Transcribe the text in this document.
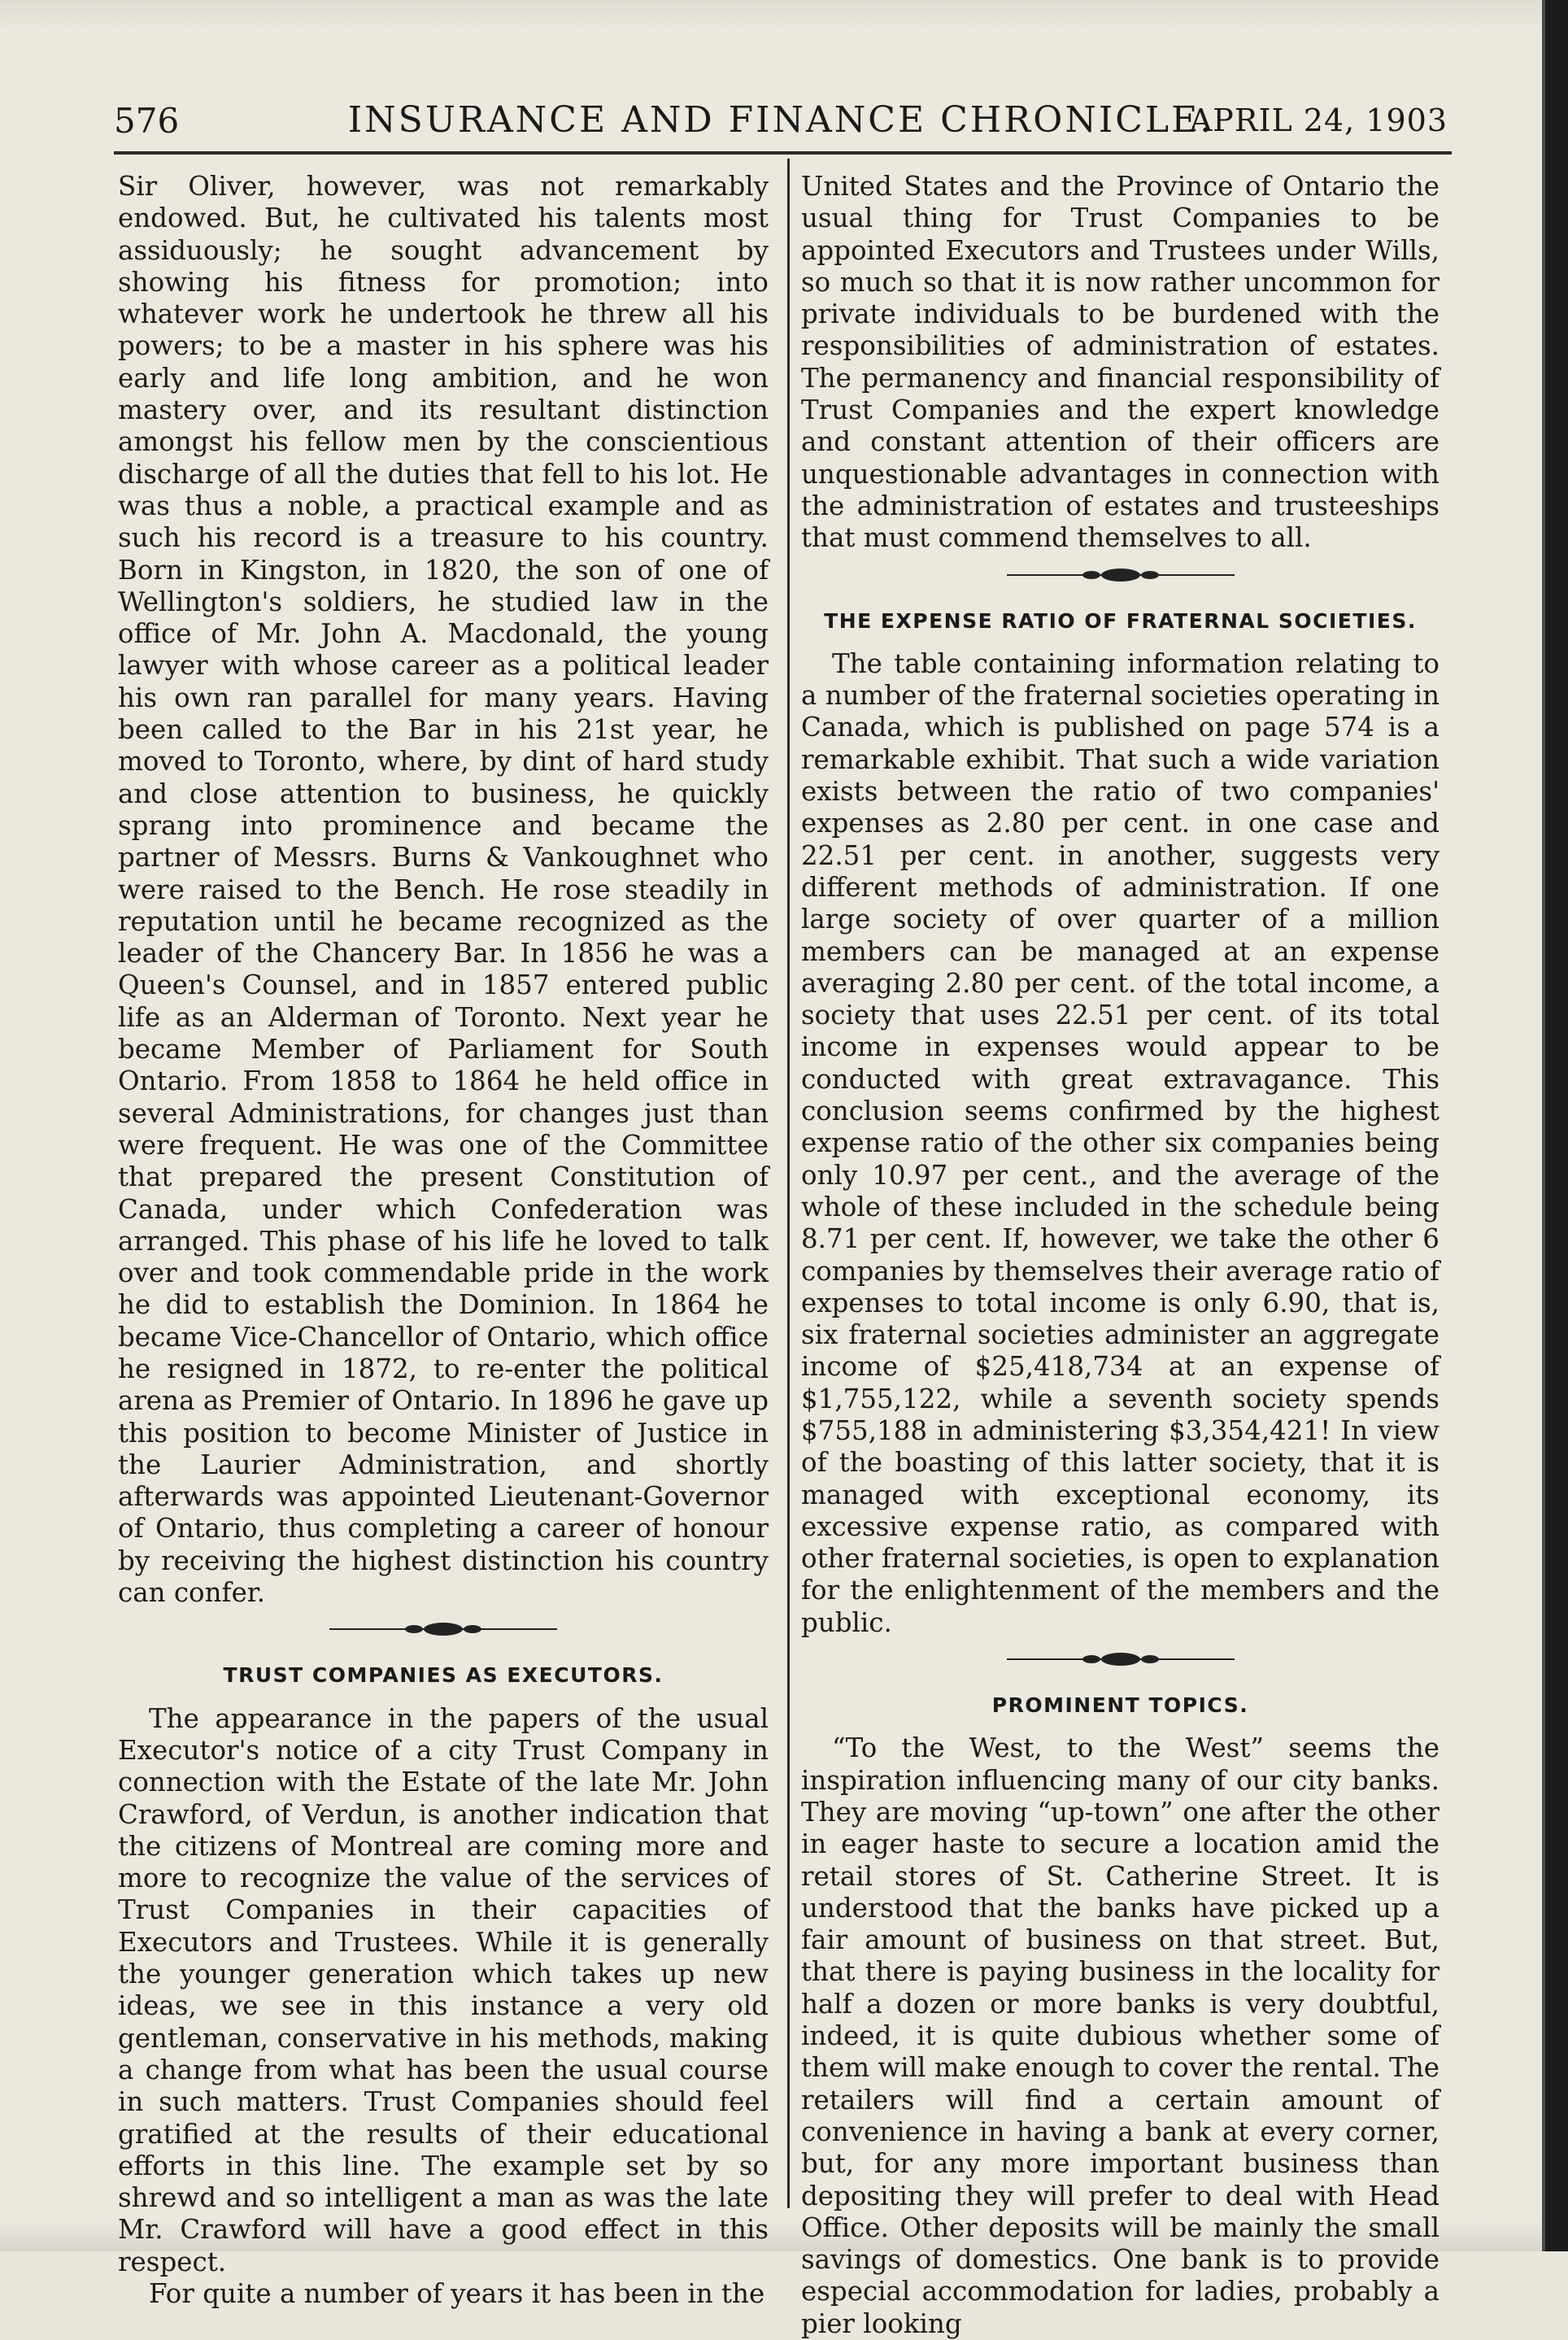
576	INSURANCE AND FINANCE CHRONICLE.
APRIL 24, 1903

Sir Oliver, however, was not remarkably endowed. But, he cultivated his talents most assiduously; he sought advancement by showing his fitness for promotion; into whatever work he undertook he threw all his powers; to be a master in his sphere was his early and life long ambition, and he won mastery over, and its resultant distinction amongst his fellow men by the conscientious discharge of all the duties that fell to his lot. He was thus a noble, a practical example and as such his record is a treasure to his country. Born in Kingston, in 1820, the son of one of Wellington's soldiers, he studied law in the office of Mr. John A. Macdonald, the young lawyer with whose career as a political leader his own ran parallel for many years. Having been called to the Bar in his 21st year, he moved to Toronto, where, by dint of hard study and close attention to business, he quickly sprang into prominence and became the partner of Messrs. Burns & Vankoughnet who were raised to the Bench. He rose steadily in reputation until he became recognized as the leader of the Chancery Bar. In 1856 he was a Queen's Counsel, and in 1857 entered public life as an Alderman of Toronto. Next year he became Member of Parliament for South Ontario. From 1858 to 1864 he held office in several Administrations, for changes just than were frequent. He was one of the Committee that prepared the present Constitution of Canada, under which Confederation was arranged. This phase of his life he loved to talk over and took commendable pride in the work he did to establish the Dominion. In 1864 he became Vice-Chancellor of Ontario, which office he resigned in 1872, to re-enter the political arena as Premier of Ontario. In 1896 he gave up this position to become Minister of Justice in the Laurier Administration, and shortly afterwards was appointed Lieutenant-Governor of Ontario, thus completing a career of honour by receiving the highest distinction his country can confer.

TRUST COMPANIES AS EXECUTORS.

The appearance in the papers of the usual Executor's notice of a city Trust Company in connection with the Estate of the late Mr. John Crawford, of Verdun, is another indication that the citizens of Montreal are coming more and more to recognize the value of the services of Trust Companies in their capacities of Executors and Trustees. While it is generally the younger generation which takes up new ideas, we see in this instance a very old gentleman, conservative in his methods, making a change from what has been the usual course in such matters. Trust Companies should feel gratified at the results of their educational efforts in this line. The example set by so shrewd and so intelligent a man as was the late Mr. Crawford will have a good effect in this respect.

For quite a number of years it has been in the

United States and the Province of Ontario the usual thing for Trust Companies to be appointed Executors and Trustees under Wills, so much so that it is now rather uncommon for private individuals to be burdened with the responsibilities of administration of estates. The permanency and financial responsibility of Trust Companies and the expert knowledge and constant attention of their officers are unquestionable advantages in connection with the administration of estates and trusteeships that must commend themselves to all.

THE EXPENSE RATIO OF FRATERNAL SOCIETIES.

The table containing information relating to a number of the fraternal societies operating in Canada, which is published on page 574 is a remarkable exhibit. That such a wide variation exists between the ratio of two companies' expenses as 2.80 per cent. in one case and 22.51 per cent. in another, suggests very different methods of administration. If one large society of over quarter of a million members can be managed at an expense averaging 2.80 per cent. of the total income, a society that uses 22.51 per cent. of its total income in expenses would appear to be conducted with great extravagance. This conclusion seems confirmed by the highest expense ratio of the other six companies being only 10.97 per cent., and the average of the whole of these included in the schedule being 8.71 per cent. If, however, we take the other 6 companies by themselves their average ratio of expenses to total income is only 6.90, that is, six fraternal societies administer an aggregate income of $25,418,734 at an expense of $1,755,122, while a seventh society spends $755,188 in administering $3,354,421! In view of the boasting of this latter society, that it is managed with exceptional economy, its excessive expense ratio, as compared with other fraternal societies, is open to explanation for the enlightenment of the members and the public.

PROMINENT TOPICS.

“To the West, to the West” seems the inspiration influencing many of our city banks. They are moving “up-town” one after the other in eager haste to secure a location amid the retail stores of St. Catherine Street. It is understood that the banks have picked up a fair amount of business on that street. But, that there is paying business in the locality for half a dozen or more banks is very doubtful, indeed, it is quite dubious whether some of them will make enough to cover the rental. The retailers will find a certain amount of convenience in having a bank at every corner, but, for any more important business than depositing they will prefer to deal with Head Office. Other deposits will be mainly the small savings of domestics. One bank is to provide especial accommodation for ladies, probably a pier looking
